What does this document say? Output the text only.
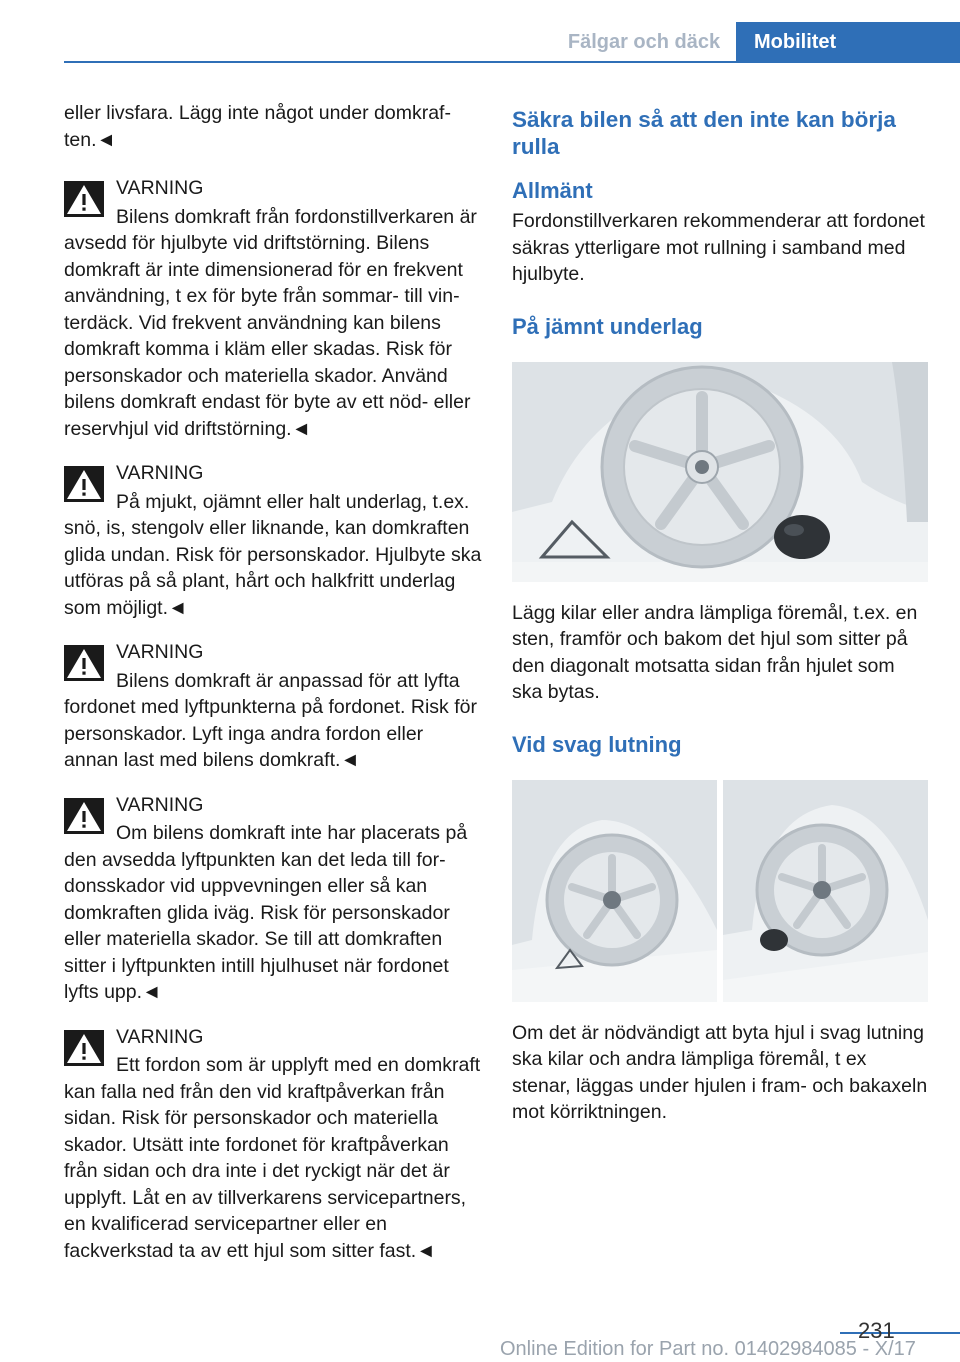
Fälgar och däck	Mobilitet

eller livsfara. Lägg inte något under domkraften.◄

VARNING

Bilens domkraft från fordonstillverkaren är avsedd för hjulbyte vid driftstörning. Bilens domkraft är inte dimensionerad för en frekvent användning, t ex för byte från sommar- till vinterdäck. Vid frekvent användning kan bilens domkraft komma i kläm eller skadas. Risk för personskador och materiella skador. Använd bilens domkraft endast för byte av ett nöd- eller reservhjul vid driftstörning.◄

VARNING

På mjukt, ojämnt eller halt underlag, t.ex. snö, is, stengolv eller liknande, kan domkraften glida undan. Risk för personskador. Hjulbyte ska utföras på så plant, hårt och halkfritt underlag som möjligt.◄

VARNING

Bilens domkraft är anpassad för att lyfta fordonet med lyftpunkterna på fordonet. Risk för personskador. Lyft inga andra fordon eller annan last med bilens domkraft.◄

VARNING

Om bilens domkraft inte har placerats på den avsedda lyftpunkten kan det leda till fordonsskador vid uppvevningen eller så kan domkraften glida iväg. Risk för personskador eller materiella skador. Se till att domkraften sitter i lyftpunkten intill hjulhuset när fordonet lyfts upp.◄

VARNING

Ett fordon som är upplyft med en domkraft kan falla ned från den vid kraftpåverkan från sidan. Risk för personskador och materiella skador. Utsätt inte fordonet för kraftpåverkan från sidan och dra inte i det ryckigt när det är upplyft. Låt en av tillverkarens servicepartners, en kvalificerad servicepartner eller en fackverkstad ta av ett hjul som sitter fast.◄

Säkra bilen så att den inte kan börja rulla
Allmänt

Fordonstillverkaren rekommenderar att fordonet säkras ytterligare mot rullning i samband med hjulbyte.

På jämnt underlag

Lägg kilar eller andra lämpliga föremål, t.ex. en sten, framför och bakom det hjul som sitter på den diagonalt motsatta sidan från hjulet som ska bytas.

Vid svag lutning

Om det är nödvändigt att byta hjul i svag lutning ska kilar och andra lämpliga föremål, t ex stenar, läggas under hjulen i fram- och bakaxeln mot körriktningen.

231
Online Edition for Part no. 01402984085 - X/17
